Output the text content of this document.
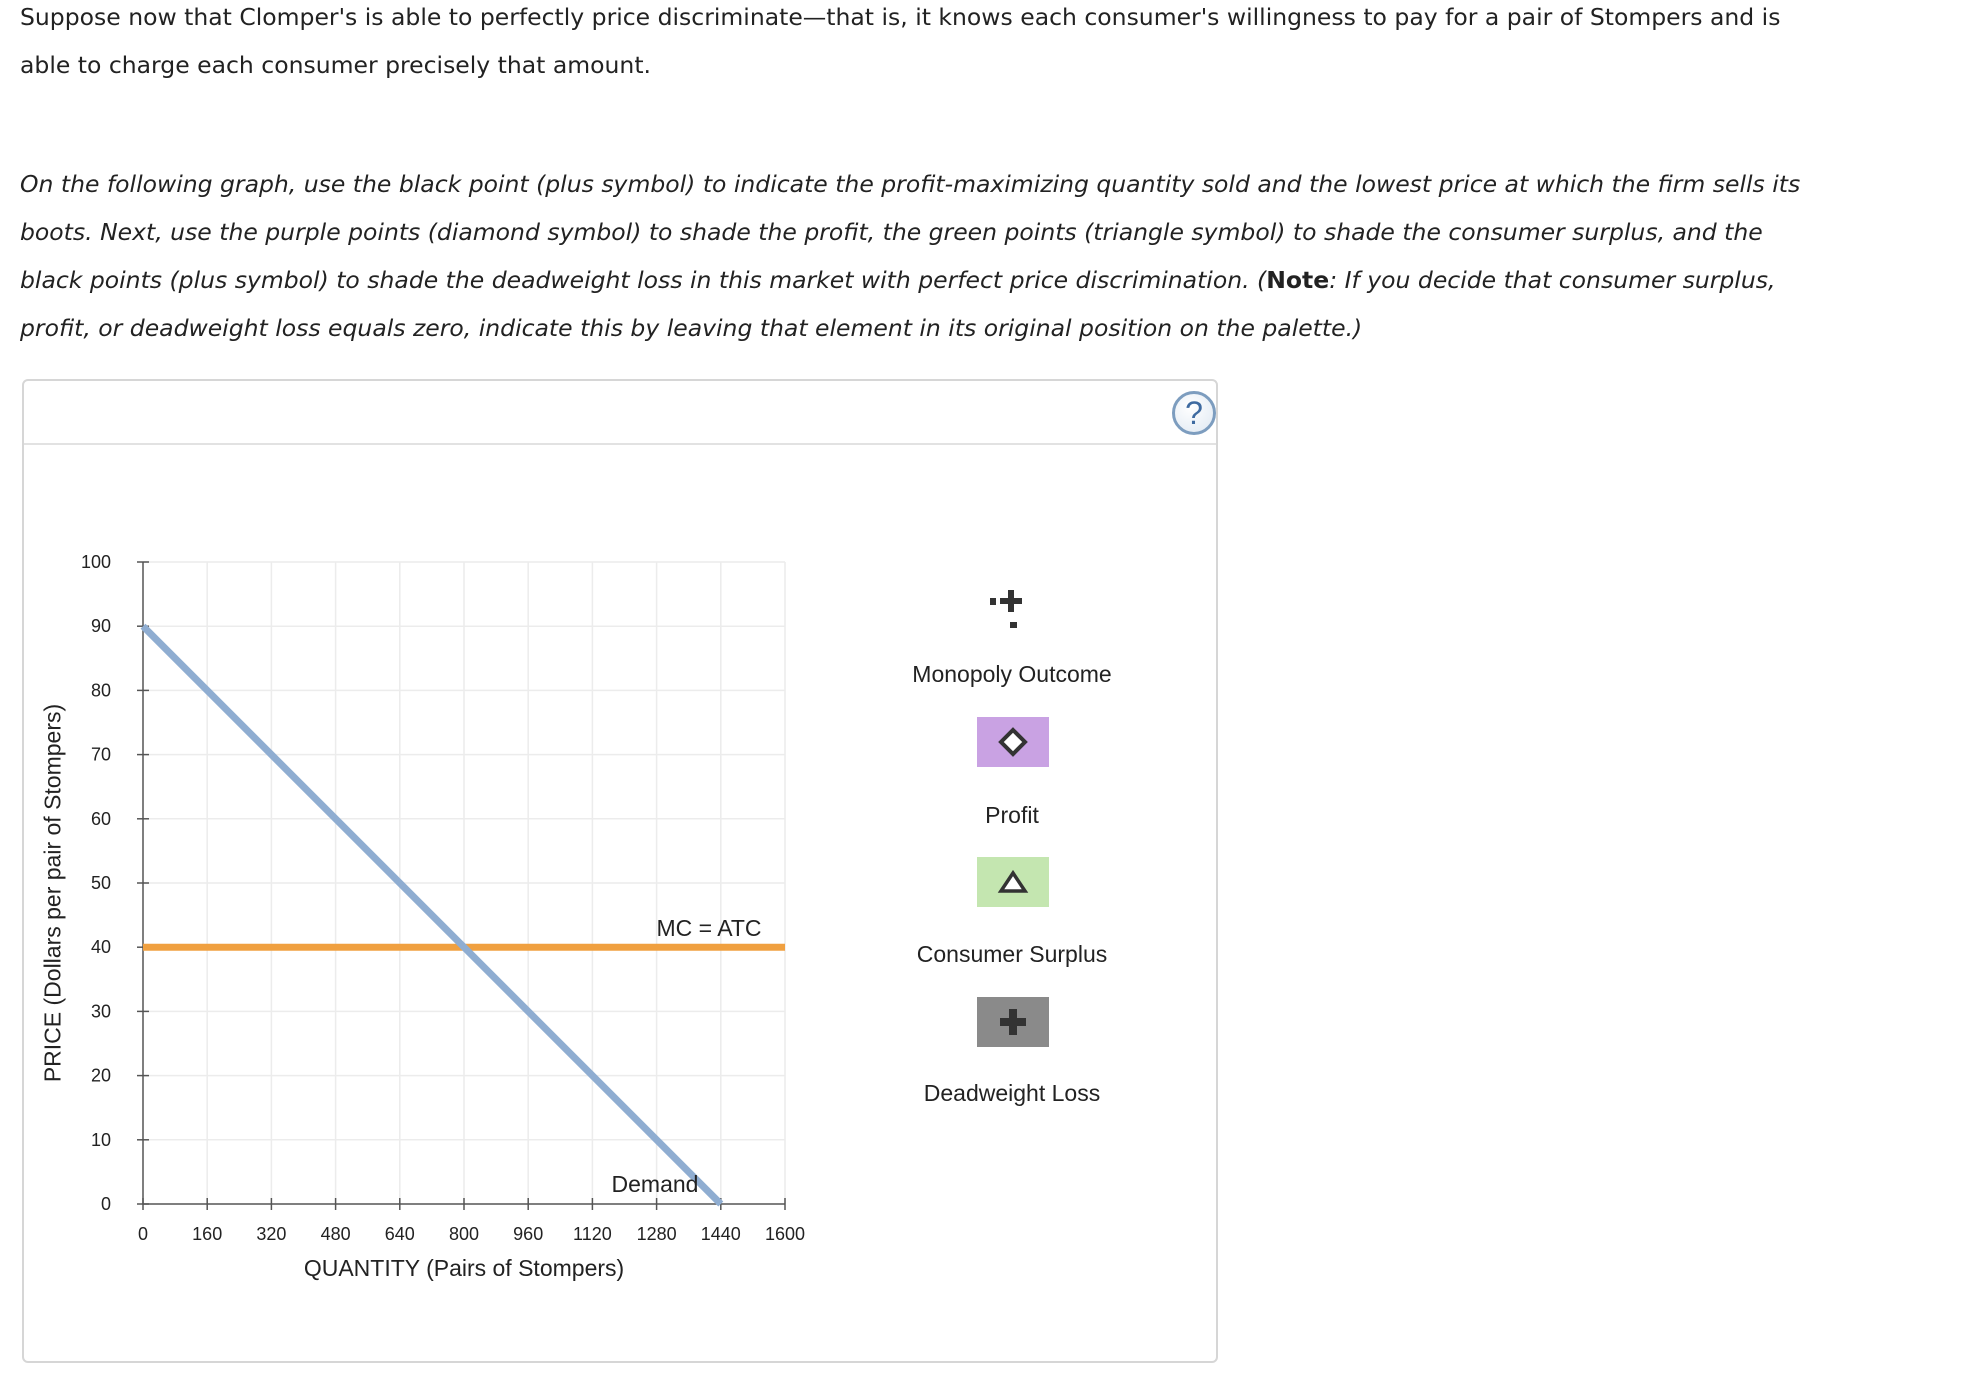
Suppose now that Clomper's is able to perfectly price discriminate—that is, it knows each consumer's willingness to pay for a pair of Stompers and is
able to charge each consumer precisely that amount.
On the following graph, use the black point (plus symbol) to indicate the profit-maximizing quantity sold and the lowest price at which the firm sells its
boots. Next, use the purple points (diamond symbol) to shade the profit, the green points (triangle symbol) to shade the consumer surplus, and the
black points (plus symbol) to shade the deadweight loss in this market with perfect price discrimination. (Note: If you decide that consumer surplus,
profit, or deadweight loss equals zero, indicate this by leaving that element in its original position on the palette.)
?
0
10
20
30
40
50
60
70
80
90
100
0 160 320 480 640 800 960 1120 1280 1440 1600
MC = ATC
Demand
PRICE (Dollars per pair of Stompers)
QUANTITY (Pairs of Stompers)
Monopoly Outcome
Profit
Consumer Surplus
Deadweight Loss
